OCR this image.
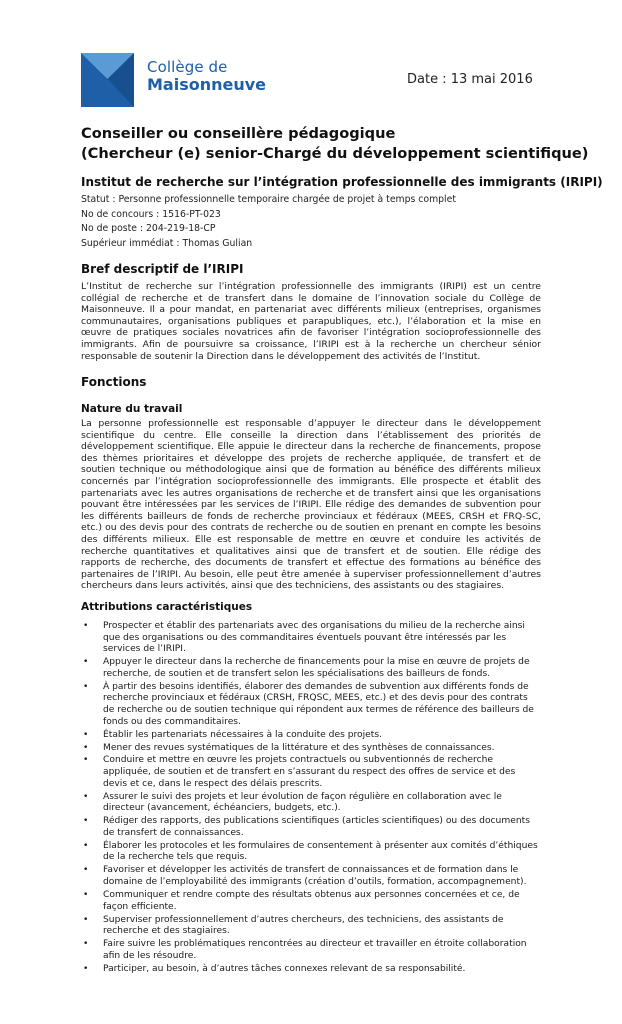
Collège de
Maisonneuve	Date : 13 mai 2016
Conseiller ou conseillère pédagogique
(Chercheur (e) senior-Chargé du développement scientifique)
Institut de recherche sur l’intégration professionnelle des immigrants (IRIPI)
Statut : Personne professionnelle temporaire chargée de projet à temps complet
No de concours : 1516-PT-023
No de poste : 204-219-18-CP
Supérieur immédiat : Thomas Gulian
Bref descriptif de l’IRIPI

L’Institut de recherche sur l’intégration professionnelle des immigrants (IRIPI) est un centre collégial de recherche et de transfert dans le domaine de l’innovation sociale du Collège de Maisonneuve. Il a pour mandat, en partenariat avec différents milieux (entreprises, organismes communautaires, organisations publiques et parapubliques, etc.), l’élaboration et la mise en œuvre de pratiques sociales novatrices afin de favoriser l’intégration socioprofessionnelle des immigrants. Afin de poursuivre sa croissance, l’IRIPI est à la recherche un chercheur sénior responsable de soutenir la Direction dans le développement des activités de l’Institut.

Fonctions
Nature du travail

La personne professionnelle est responsable d’appuyer le directeur dans le développement scientifique du centre. Elle conseille la direction dans l’établissement des priorités de développement scientifique. Elle appuie le directeur dans la recherche de financements, propose des thèmes prioritaires et développe des projets de recherche appliquée, de transfert et de soutien technique ou méthodologique ainsi que de formation au bénéfice des différents milieux concernés par l’intégration socioprofessionnelle des immigrants. Elle prospecte et établit des partenariats avec les autres organisations de recherche et de transfert ainsi que les organisations pouvant être intéressées par les services de l’IRIPI. Elle rédige des demandes de subvention pour les différents bailleurs de fonds de recherche provinciaux et fédéraux (MEES, CRSH et FRQ-SC, etc.) ou des devis pour des contrats de recherche ou de soutien en prenant en compte les besoins des différents milieux. Elle est responsable de mettre en œuvre et conduire les activités de recherche quantitatives et qualitatives ainsi que de transfert et de soutien. Elle rédige des rapports de recherche, des documents de transfert et effectue des formations au bénéfice des partenaires de l’IRIPI. Au besoin, elle peut être amenée à superviser professionnellement d’autres chercheurs dans leurs activités, ainsi que des techniciens, des assistants ou des stagiaires.

Attributions caractéristiques
• Prospecter et établir des partenariats avec des organisations du milieu de la recherche ainsi que des organisations ou des commanditaires éventuels pouvant être intéressés par les services de l’IRIPI.
• Appuyer le directeur dans la recherche de financements pour la mise en œuvre de projets de recherche, de soutien et de transfert selon les spécialisations des bailleurs de fonds.
• À partir des besoins identifiés, élaborer des demandes de subvention aux différents fonds de recherche provinciaux et fédéraux (CRSH, FRQSC, MEES, etc.) et des devis pour des contrats de recherche ou de soutien technique qui répondent aux termes de référence des bailleurs de fonds ou des commanditaires.
• Établir les partenariats nécessaires à la conduite des projets.
• Mener des revues systématiques de la littérature et des synthèses de connaissances.
• Conduire et mettre en œuvre les projets contractuels ou subventionnés de recherche appliquée, de soutien et de transfert en s’assurant du respect des offres de service et des devis et ce, dans le respect des délais prescrits.
• Assurer le suivi des projets et leur évolution de façon régulière en collaboration avec le directeur (avancement, échéanciers, budgets, etc.).
• Rédiger des rapports, des publications scientifiques (articles scientifiques) ou des documents de transfert de connaissances.
• Élaborer les protocoles et les formulaires de consentement à présenter aux comités d’éthiques de la recherche tels que requis.
• Favoriser et développer les activités de transfert de connaissances et de formation dans le domaine de l’employabilité des immigrants (création d’outils, formation, accompagnement).
• Communiquer et rendre compte des résultats obtenus aux personnes concernées et ce, de façon efficiente.
• Superviser professionnellement d’autres chercheurs, des techniciens, des assistants de recherche et des stagiaires.
• Faire suivre les problématiques rencontrées au directeur et travailler en étroite collaboration afin de les résoudre.
• Participer, au besoin, à d’autres tâches connexes relevant de sa responsabilité.
